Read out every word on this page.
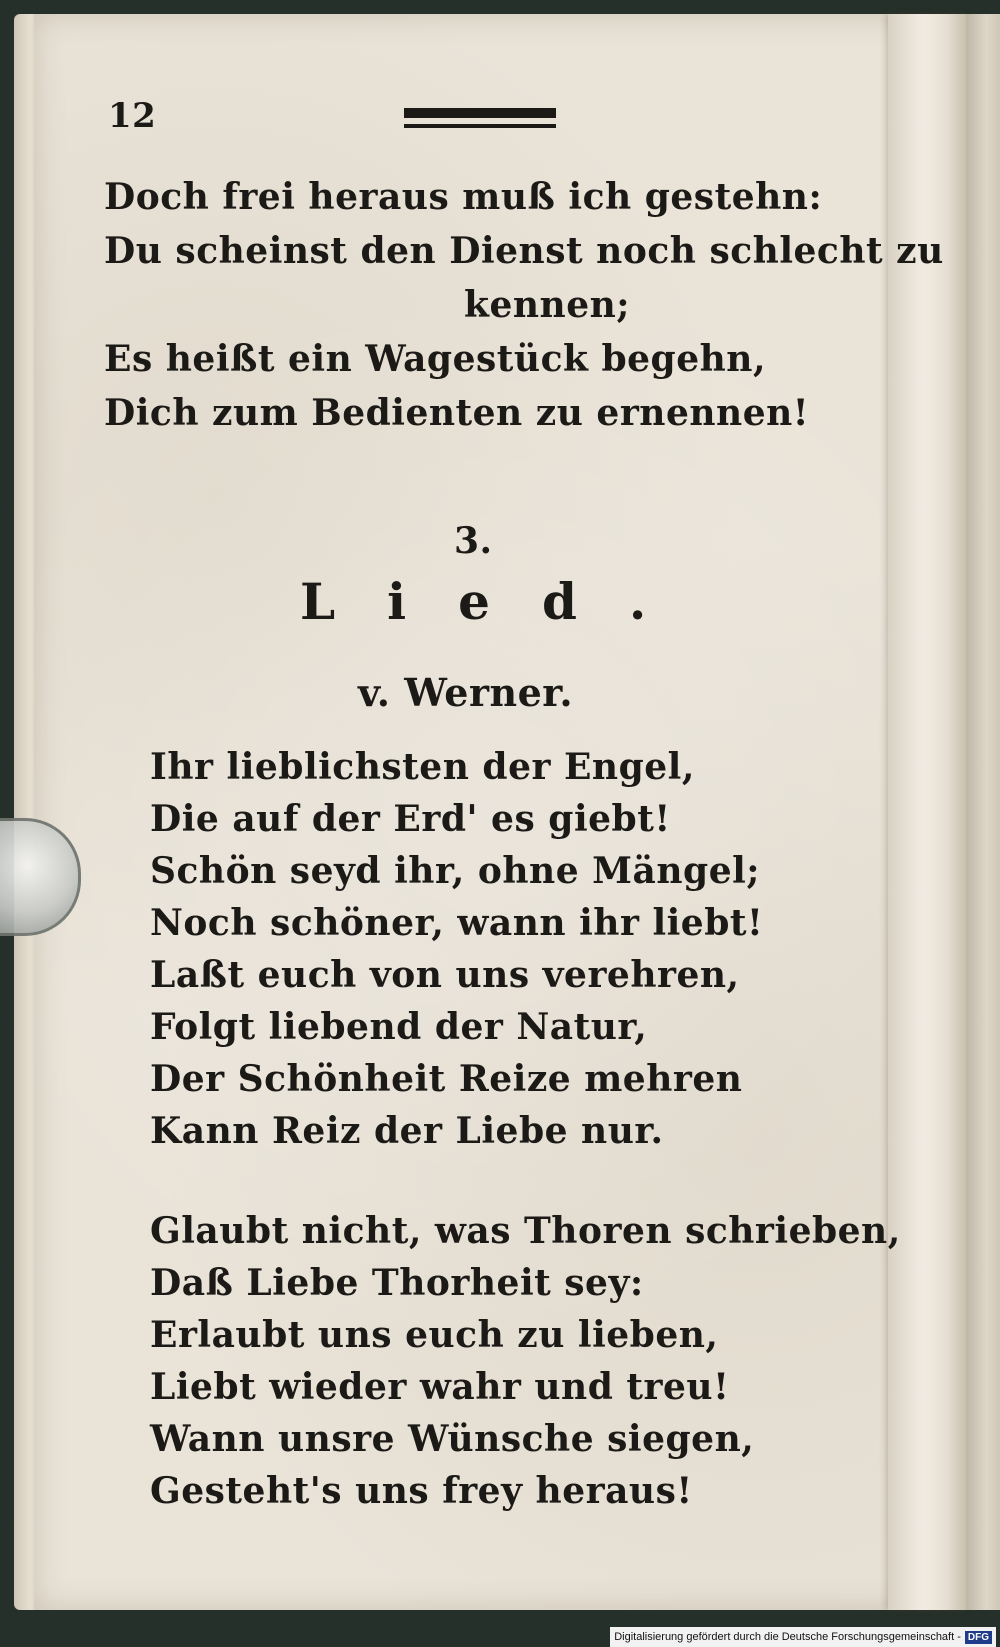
12
Doch frei heraus muß ich gestehn:
Du scheinst den Dienst noch schlecht zu
kennen;
Es heißt ein Wagestück begehn,
Dich zum Bedienten zu ernennen!
3.
Lied.
v. Werner.
Ihr lieblichsten der Engel,
Die auf der Erd' es giebt!
Schön seyd ihr, ohne Mängel;
Noch schöner, wann ihr liebt!
Laßt euch von uns verehren,
Folgt liebend der Natur,
Der Schönheit Reize mehren
Kann Reiz der Liebe nur.
Glaubt nicht, was Thoren schrieben,
Daß Liebe Thorheit sey:
Erlaubt uns euch zu lieben,
Liebt wieder wahr und treu!
Wann unsre Wünsche siegen,
Gesteht's uns frey heraus!
Digitalisierung gefördert durch die Deutsche Forschungsgemeinschaft - DFG
